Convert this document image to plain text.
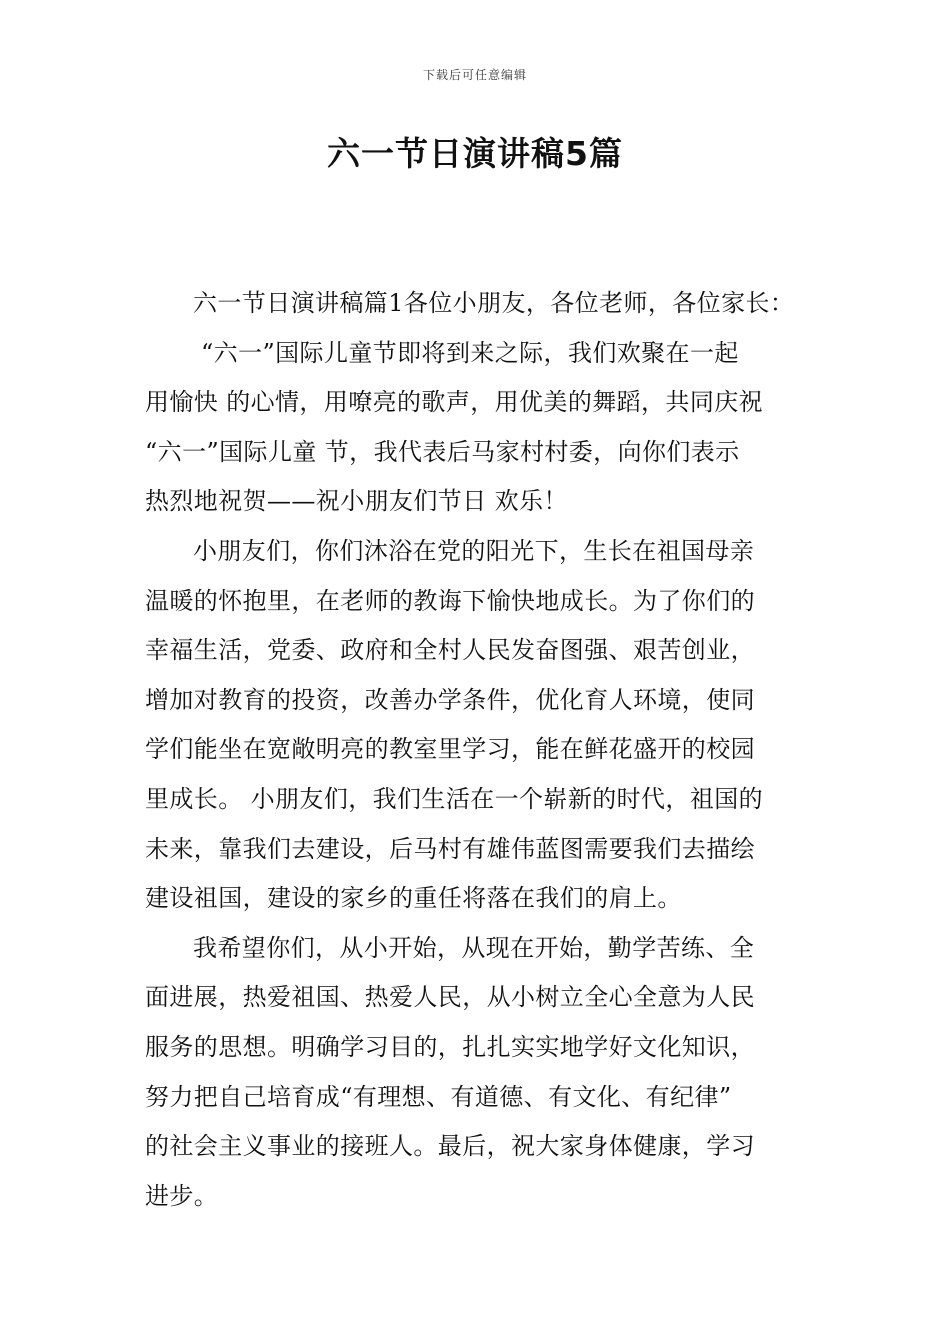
下载后可任意编辑
六一节日演讲稿5篇
六一节日演讲稿篇1各位小朋友，各位老师，各位家长：
“六一”国际儿童节即将到来之际，我们欢聚在一起
用愉快 的心情，用嘹亮的歌声，用优美的舞蹈，共同庆祝
“六一”国际儿童 节，我代表后马家村村委，向你们表示
热烈地祝贺——祝小朋友们节日 欢乐！
小朋友们，你们沐浴在党的阳光下，生长在祖国母亲
温暖的怀抱里，在老师的教诲下愉快地成长。为了你们的
幸福生活，党委、政府和全村人民发奋图强、艰苦创业，
增加对教育的投资，改善办学条件，优化育人环境，使同
学们能坐在宽敞明亮的教室里学习，能在鲜花盛开的校园
里成长。 小朋友们，我们生活在一个崭新的时代，祖国的
未来，靠我们去建设，后马村有雄伟蓝图需要我们去描绘
建设祖国，建设的家乡的重任将落在我们的肩上。
我希望你们，从小开始，从现在开始，勤学苦练、全
面进展，热爱祖国、热爱人民，从小树立全心全意为人民
服务的思想。明确学习目的，扎扎实实地学好文化知识，
努力把自己培育成“有理想、有道德、有文化、有纪律”
的社会主义事业的接班人。最后，祝大家身体健康，学习
进步。
